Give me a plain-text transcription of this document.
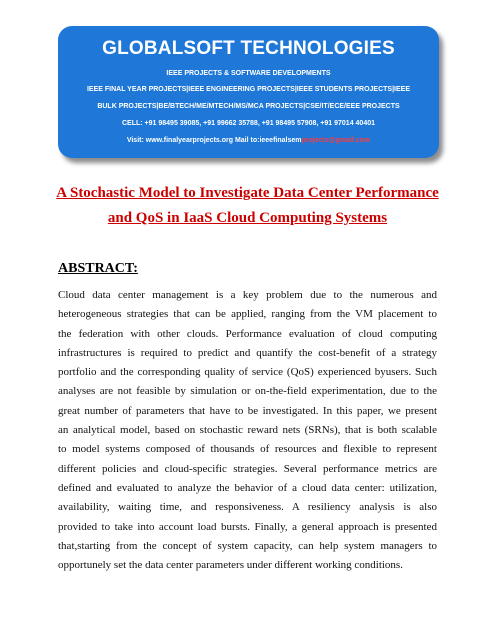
GLOBALSOFT TECHNOLOGIES
IEEE PROJECTS & SOFTWARE DEVELOPMENTS
IEEE FINAL YEAR PROJECTS|IEEE ENGINEERING PROJECTS|IEEE STUDENTS PROJECTS|IEEE
BULK PROJECTS|BE/BTECH/ME/MTECH/MS/MCA PROJECTS|CSE/IT/ECE/EEE PROJECTS
CELL: +91 98495 39085, +91 99662 35788, +91 98495 57908, +91 97014 40401
Visit: www.finalyearprojects.org Mail to:ieeefinalsemprojects@gmail.com
A Stochastic Model to Investigate Data Center Performance
and QoS in IaaS Cloud Computing Systems
ABSTRACT:
Cloud data center management is a key problem due to the numerous and
heterogeneous strategies that can be applied, ranging from the VM placement to
the federation with other clouds. Performance evaluation of cloud computing
infrastructures is required to predict and quantify the cost-benefit of a strategy
portfolio and the corresponding quality of service (QoS) experienced byusers. Such
analyses are not feasible by simulation or on-the-field experimentation, due to the
great number of parameters that have to be investigated. In this paper, we present
an analytical model, based on stochastic reward nets (SRNs), that is both scalable
to model systems composed of thousands of resources and flexible to represent
different policies and cloud-specific strategies. Several performance metrics are
defined and evaluated to analyze the behavior of a cloud data center: utilization,
availability, waiting time, and responsiveness. A resiliency analysis is also
provided to take into account load bursts. Finally, a general approach is presented
that,starting from the concept of system capacity, can help system managers to
opportunely set the data center parameters under different working conditions.
